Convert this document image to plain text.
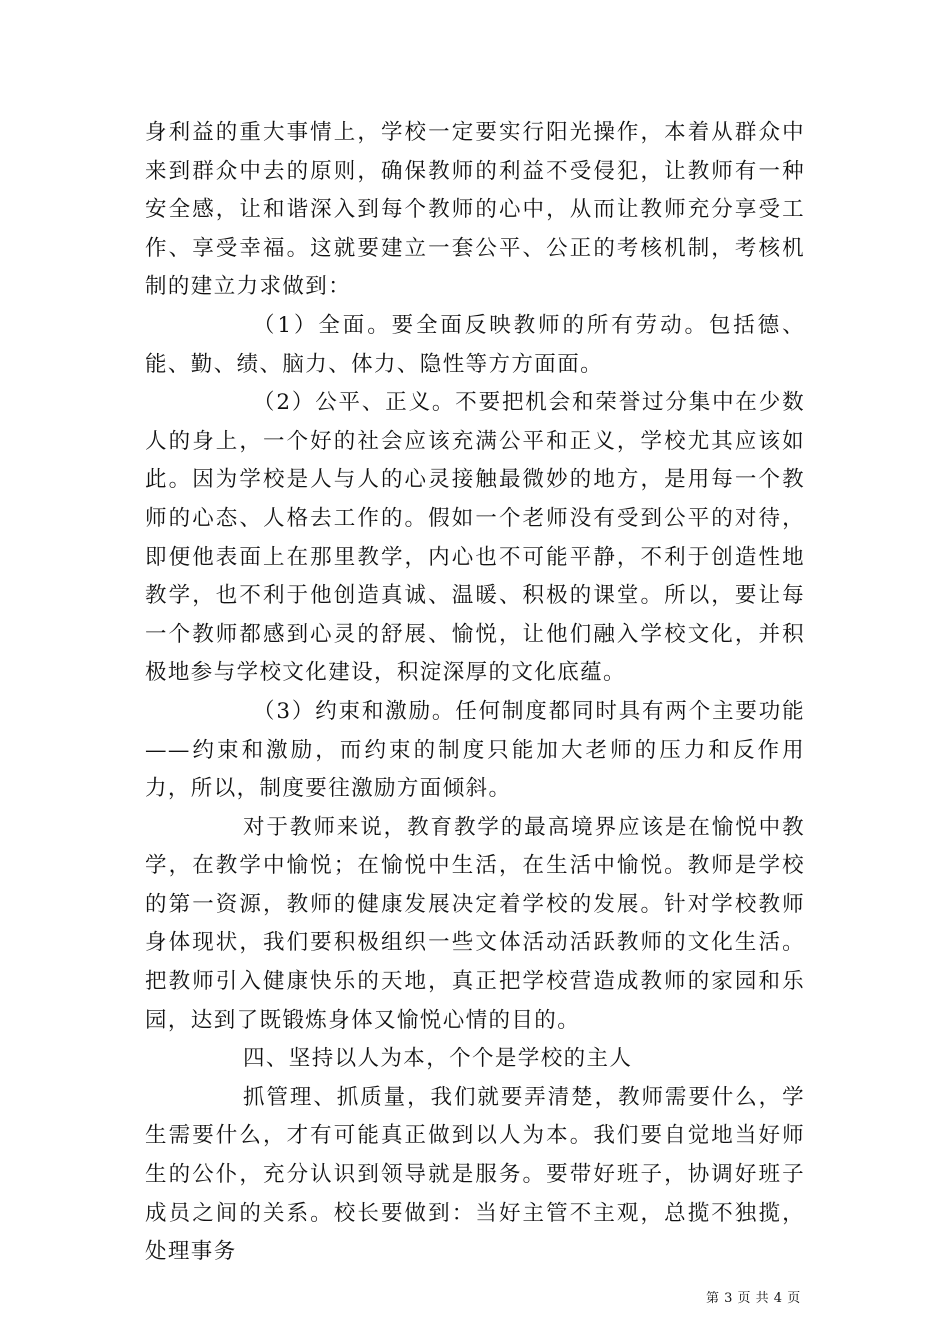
身利益的重大事情上，学校一定要实行阳光操作，本着从群众中来到群众中去的原则，确保教师的利益不受侵犯，让教师有一种安全感，让和谐深入到每个教师的心中，从而让教师充分享受工作、享受幸福。这就要建立一套公平、公正的考核机制，考核机制的建立力求做到：

（1）全面。要全面反映教师的所有劳动。包括德、能、勤、绩、脑力、体力、隐性等方方面面。

（2）公平、正义。不要把机会和荣誉过分集中在少数人的身上，一个好的社会应该充满公平和正义，学校尤其应该如此。因为学校是人与人的心灵接触最微妙的地方，是用每一个教师的心态、人格去工作的。假如一个老师没有受到公平的对待，即便他表面上在那里教学，内心也不可能平静，不利于创造性地教学，也不利于他创造真诚、温暖、积极的课堂。所以，要让每一个教师都感到心灵的舒展、愉悦，让他们融入学校文化，并积极地参与学校文化建设，积淀深厚的文化底蕴。

（3）约束和激励。任何制度都同时具有两个主要功能——约束和激励，而约束的制度只能加大老师的压力和反作用力，所以，制度要往激励方面倾斜。

对于教师来说，教育教学的最高境界应该是在愉悦中教学，在教学中愉悦；在愉悦中生活，在生活中愉悦。教师是学校的第一资源，教师的健康发展决定着学校的发展。针对学校教师身体现状，我们要积极组织一些文体活动活跃教师的文化生活。把教师引入健康快乐的天地，真正把学校营造成教师的家园和乐园，达到了既锻炼身体又愉悦心情的目的。

四、坚持以人为本，个个是学校的主人

抓管理、抓质量，我们就要弄清楚，教师需要什么，学生需要什么，才有可能真正做到以人为本。我们要自觉地当好师生的公仆，充分认识到领导就是服务。要带好班子，协调好班子成员之间的关系。校长要做到：当好主管不主观，总揽不独揽，处理事务

第 3 页 共 4 页
